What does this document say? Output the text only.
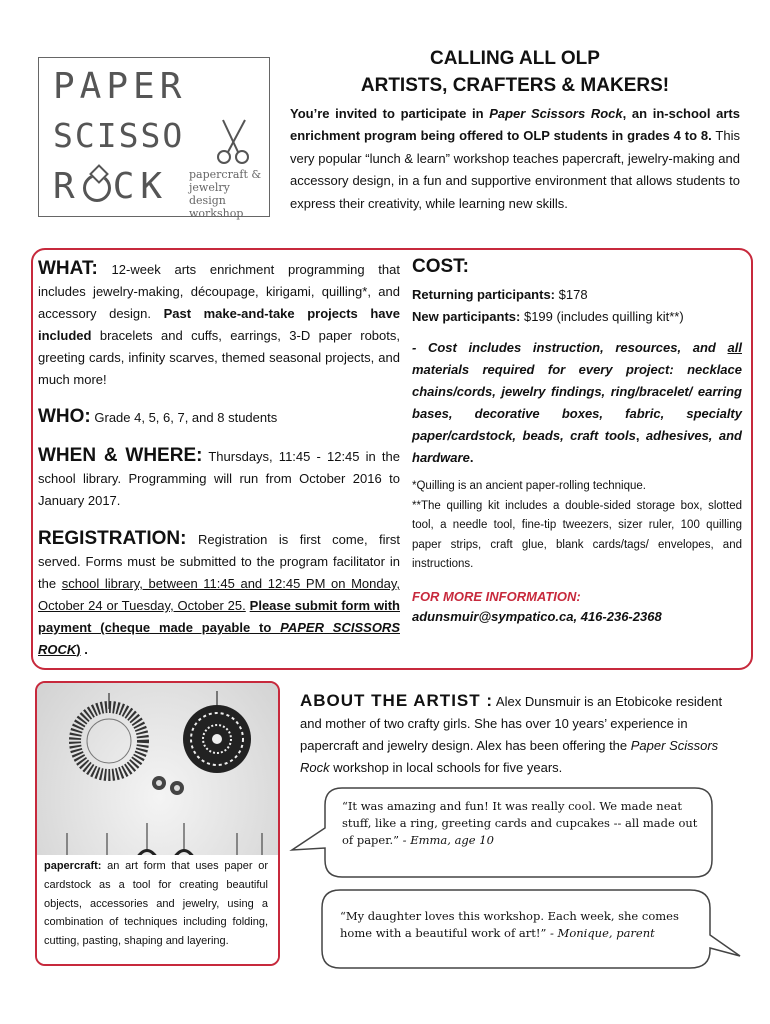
PAPER
SCISSO
R CK papercraft &
jewelry design
workshop
CALLING ALL OLP
ARTISTS, CRAFTERS & MAKERS!
You’re invited to participate in Paper Scissors Rock, an in-school arts enrichment program being offered to OLP students in grades 4 to 8. This very popular “lunch & learn” workshop teaches papercraft, jewelry-making and accessory design, in a fun and supportive environment that allows students to express their creativity, while learning new skills.
WHAT: 12-week arts enrichment programming that includes jewelry-making, découpage, kirigami, quilling*, and accessory design. Past make-and-take projects have included bracelets and cuffs, earrings, 3-D paper robots, greeting cards, infinity scarves, themed seasonal projects, and much more!
WHO: Grade 4, 5, 6, 7, and 8 students
WHEN & WHERE: Thursdays, 11:45 - 12:45 in the school library. Programming will run from October 2016 to January 2017.
REGISTRATION: Registration is first come, first served. Forms must be submitted to the program facilitator in the school library, between 11:45 and 12:45 PM on Monday, October 24 or Tuesday, October 25. Please submit form with payment (cheque made payable to PAPER SCISSORS ROCK) .
COST:
Returning participants: $178
New participants: $199 (includes quilling kit**)
- Cost includes instruction, resources, and all materials required for every project: necklace chains/cords, jewelry findings, ring/bracelet/ earring bases, decorative boxes, fabric, specialty paper/cardstock, beads, craft tools, adhesives, and hardware.
*Quilling is an ancient paper-rolling technique.
**The quilling kit includes a double-sided storage box, slotted tool, a needle tool, fine-tip tweezers, sizer ruler, 100 quilling paper strips, craft glue, blank cards/tags/ envelopes, and instructions.
FOR MORE INFORMATION:
adunsmuir@sympatico.ca, 416-236-2368
papercraft: an art form that uses paper or cardstock as a tool for creating beautiful objects, accessories and jewelry, using a combination of techniques including folding, cutting, pasting, shaping and layering.
ABOUT THE ARTIST : Alex Dunsmuir is an Etobicoke resident and mother of two crafty girls. She has over 10 years’ experience in papercraft and jewelry design. Alex has been offering the Paper Scissors Rock workshop in local schools for five years.
“It was amazing and fun! It was really cool. We made neat stuff, like a ring, greeting cards and cupcakes -- all made out of paper.” - Emma, age 10
“My daughter loves this workshop. Each week, she comes home with a beautiful work of art!” - Monique, parent
